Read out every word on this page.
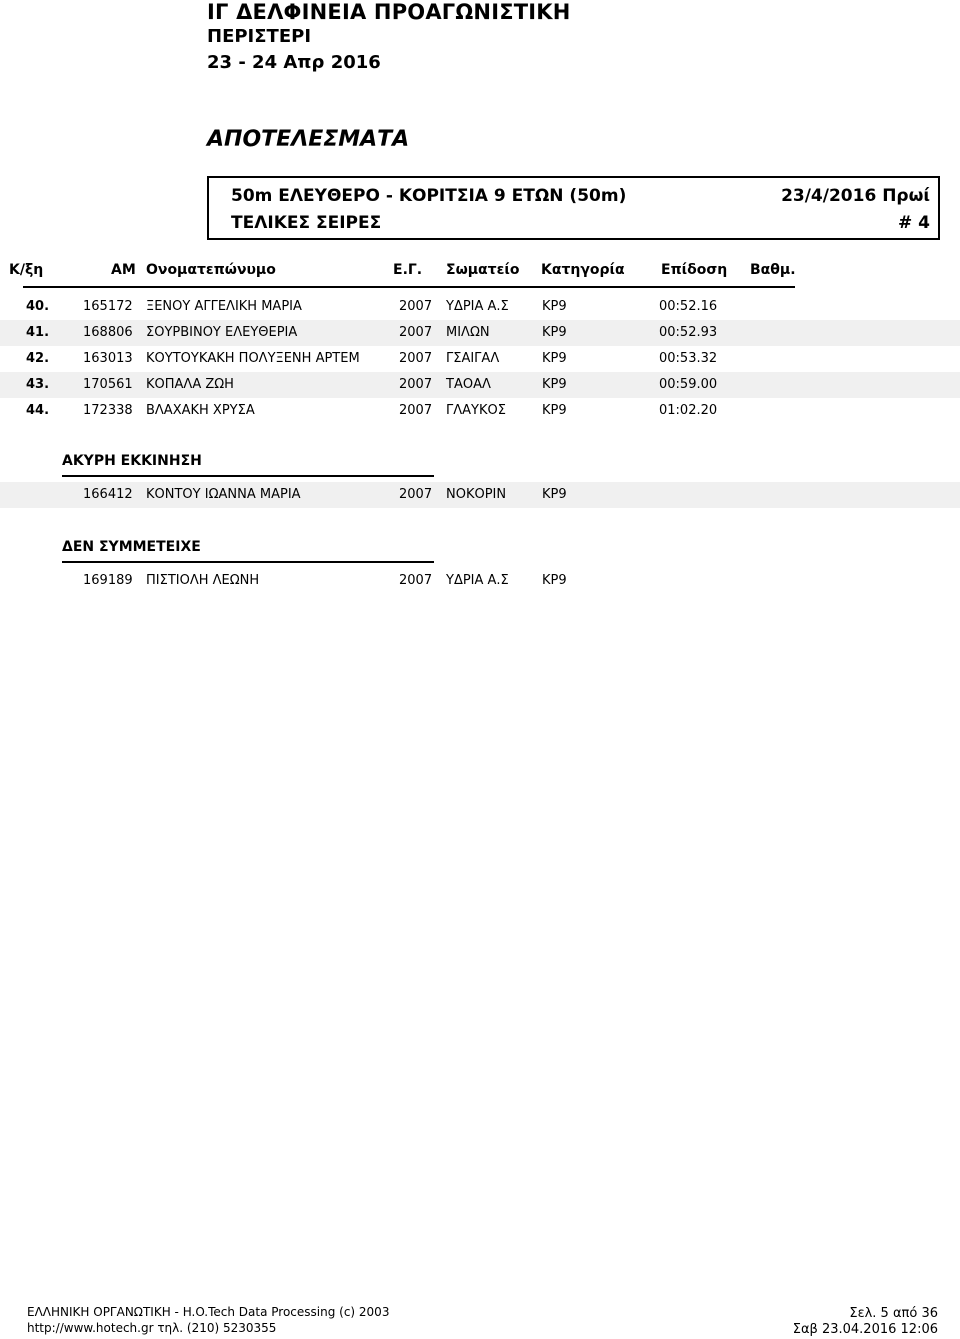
ΙΓ ΔΕΛΦΙΝΕΙΑ ΠΡΟΑΓΩΝΙΣΤΙΚΗ
ΠΕΡΙΣΤΕΡΙ
23 - 24 Απρ 2016
ΑΠΟΤΕΛΕΣΜΑΤΑ
50m ΕΛΕΥΘΕΡΟ - ΚΟΡΙΤΣΙΑ 9 ΕΤΩΝ (50m)	23/4/2016 Πρωί
ΤΕΛΙΚΕΣ ΣΕΙΡΕΣ	# 4
Κ/ξη	ΑΜ Ονοματεπώνυμο	Ε.Γ. Σωματείο Κατηγορία	Επίδοση Βαθμ.
40.	165172 ΞΕΝΟΥ ΑΓΓΕΛΙΚΗ ΜΑΡΙΑ	2007 ΥΔΡΙΑ Α.Σ	ΚΡ9	00:52.16
41.	168806 ΣΟΥΡΒΙΝΟΥ ΕΛΕΥΘΕΡΙΑ	2007 ΜΙΛΩΝ	ΚΡ9	00:52.93
42.	163013 ΚΟΥΤΟΥΚΑΚΗ ΠΟΛΥΞΕΝΗ ΑΡΤΕΜ	2007 ΓΣΑΙΓΑΛ	ΚΡ9	00:53.32
43.	170561 ΚΟΠΑΛΑ ΖΩΗ	2007 ΤΑΟΑΛ	ΚΡ9	00:59.00
44.	172338 ΒΛΑΧΑΚΗ ΧΡΥΣΑ	2007 ΓΛΑΥΚΟΣ	ΚΡ9	01:02.20
ΑΚΥΡΗ ΕΚΚΙΝΗΣΗ
166412 ΚΟΝΤΟΥ ΙΩΑΝΝΑ ΜΑΡΙΑ	2007 ΝΟΚΟΡΙΝ	ΚΡ9
ΔΕΝ ΣΥΜΜΕΤΕΙΧΕ
169189 ΠΙΣΤΙΟΛΗ ΛΕΩΝΗ	2007 ΥΔΡΙΑ Α.Σ	ΚΡ9
ΕΛΛΗΝΙΚΗ ΟΡΓΑΝΩΤΙΚΗ - H.O.Tech Data Processing (c) 2003
http://www.hotech.gr τηλ. (210) 5230355
Σελ. 5 από 36
Σαβ 23.04.2016 12:06
